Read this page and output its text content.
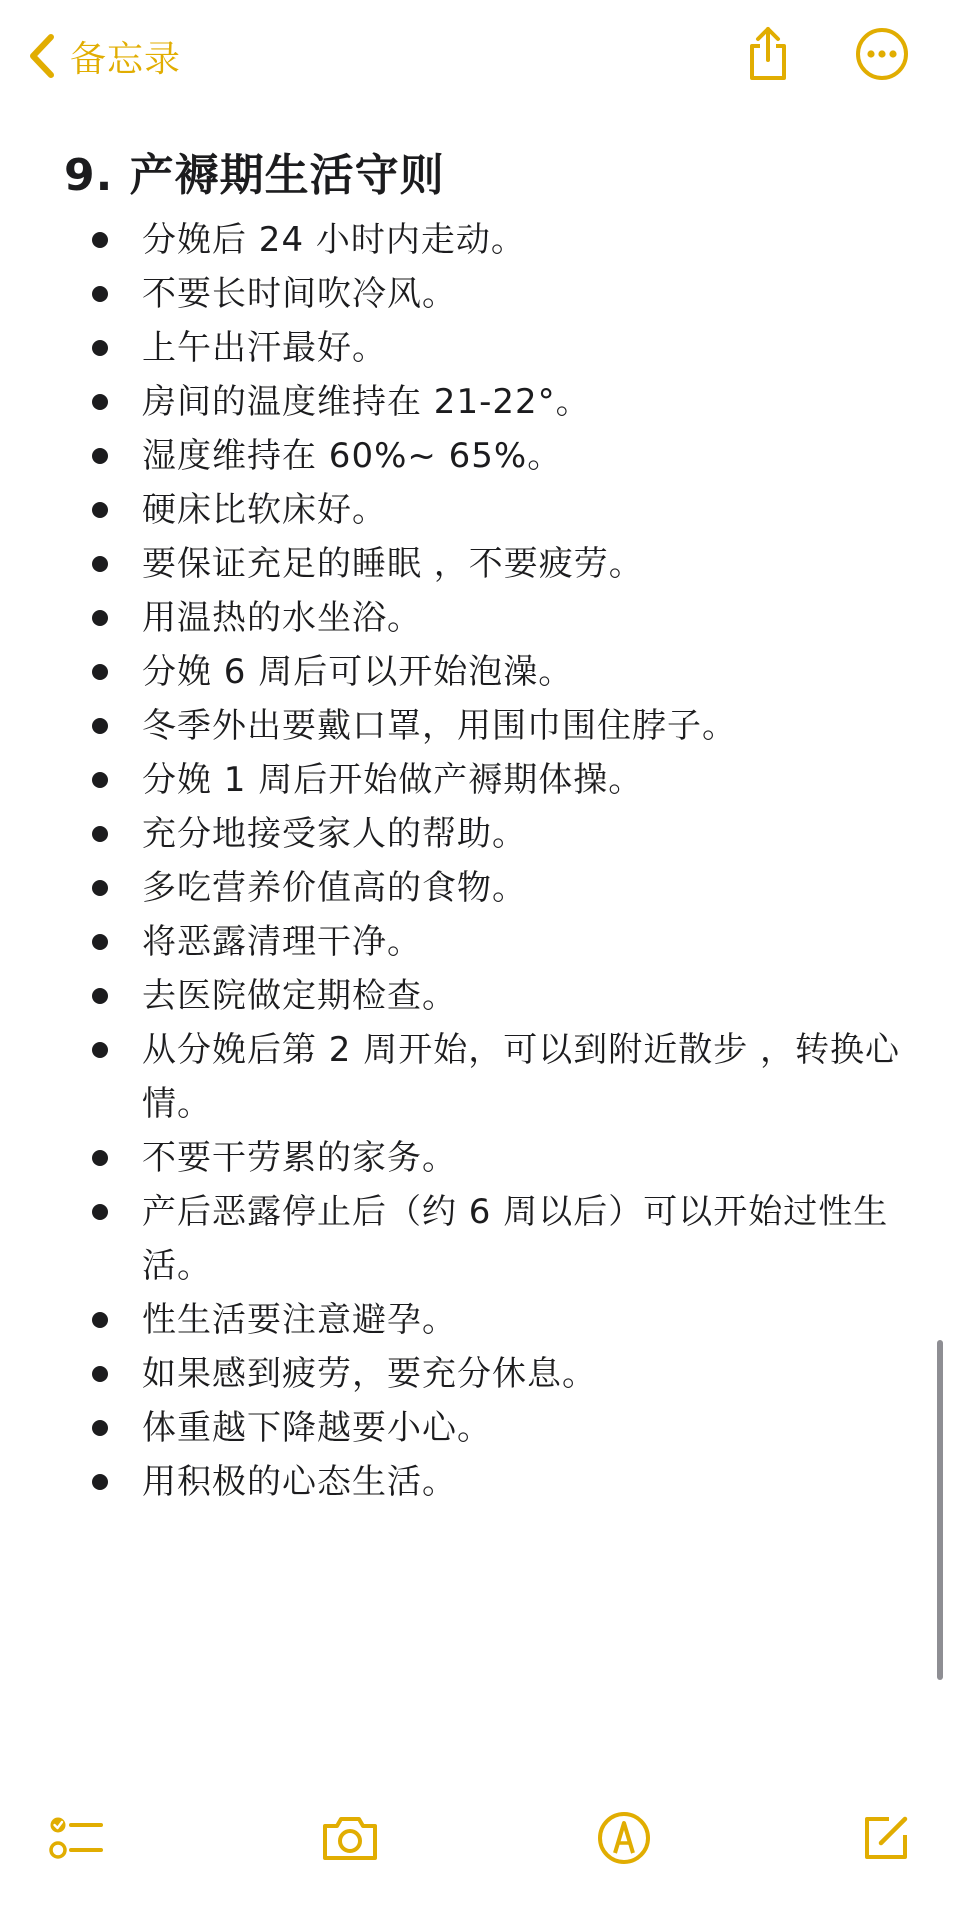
备忘录
9. 产褥期生活守则
分娩后 24 小时内走动。
不要长时间吹冷风。
上午出汗最好。
房间的温度维持在 21-22°。
湿度维持在 60%~ 65%。
硬床比软床好。
要保证充足的睡眠 ，不要疲劳。
用温热的水坐浴。
分娩 6 周后可以开始泡澡。
冬季外出要戴口罩，用围巾围住脖子。
分娩 1 周后开始做产褥期体操。
充分地接受家人的帮助。
多吃营养价值高的食物。
将恶露清理干净。
去医院做定期检查。
从分娩后第 2 周开始，可以到附近散步 ，转换心情。
不要干劳累的家务。
产后恶露停止后（约 6 周以后）可以开始过性生活。
性生活要注意避孕。
如果感到疲劳，要充分休息。
体重越下降越要小心。
用积极的心态生活。
